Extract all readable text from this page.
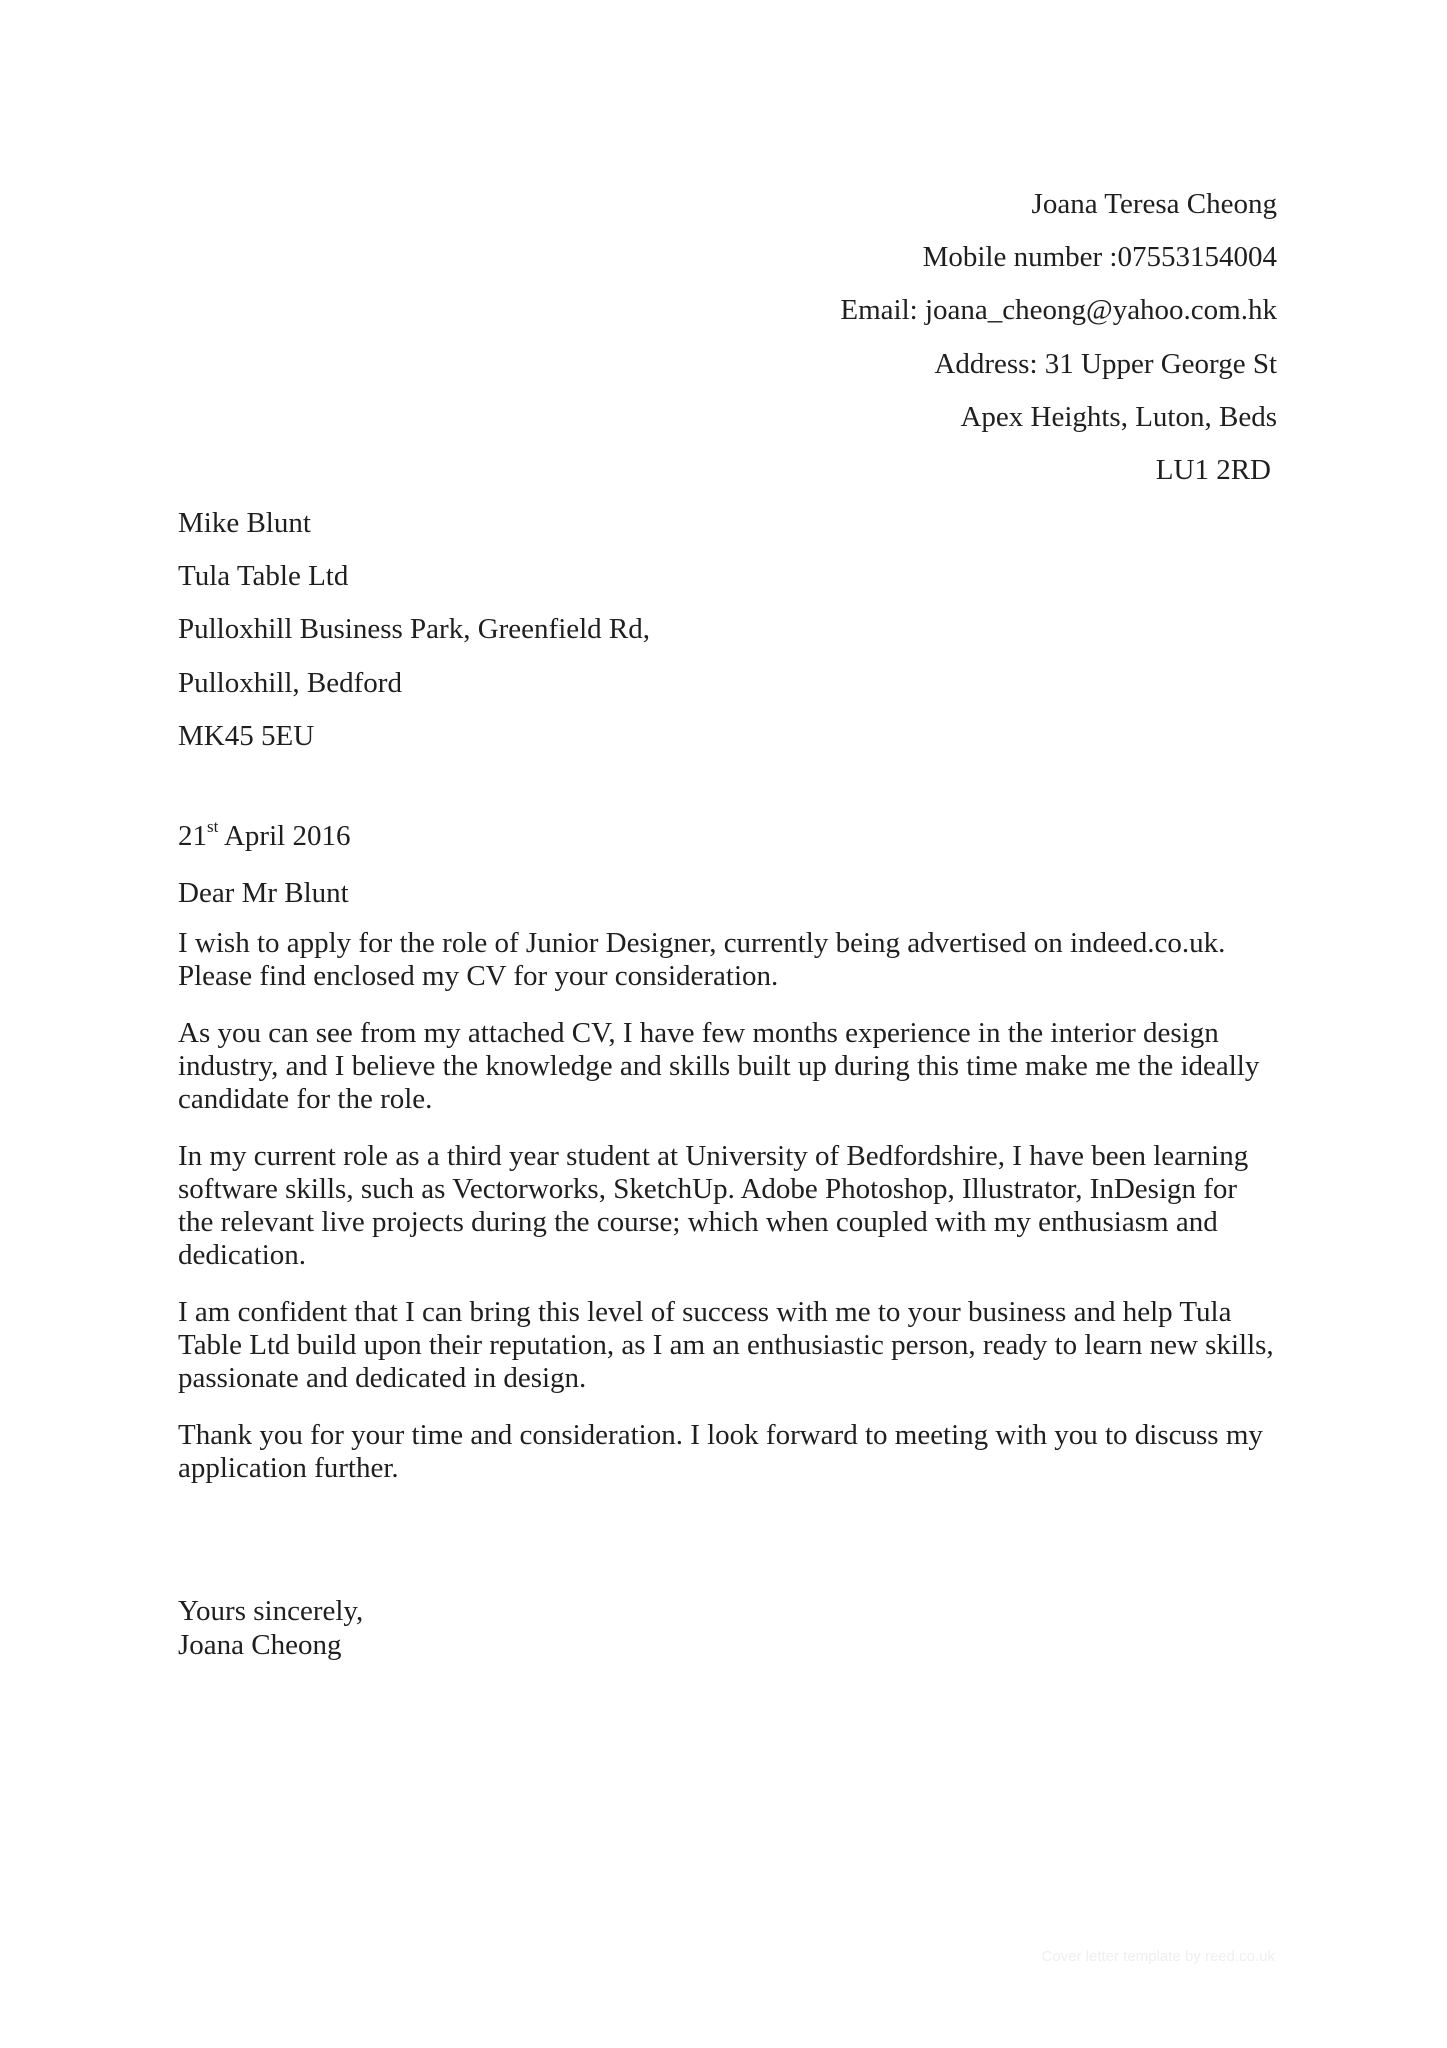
Joana Teresa Cheong
Mobile number :07553154004
Email: joana_cheong@yahoo.com.hk
Address: 31 Upper George St
Apex Heights, Luton, Beds
LU1 2RD
Mike Blunt
Tula Table Ltd
Pulloxhill Business Park, Greenfield Rd,
Pulloxhill, Bedford
MK45 5EU
21st April 2016
Dear Mr Blunt

I wish to apply for the role of Junior Designer, currently being advertised on indeed.co.uk.
Please find enclosed my CV for your consideration.

As you can see from my attached CV, I have few months experience in the interior design
industry, and I believe the knowledge and skills built up during this time make me the ideally
candidate for the role.

In my current role as a third year student at University of Bedfordshire, I have been learning
software skills, such as Vectorworks, SketchUp. Adobe Photoshop, Illustrator, InDesign for
the relevant live projects during the course; which when coupled with my enthusiasm and
dedication.

I am confident that I can bring this level of success with me to your business and help Tula
Table Ltd build upon their reputation, as I am an enthusiastic person, ready to learn new skills,
passionate and dedicated in design.

Thank you for your time and consideration. I look forward to meeting with you to discuss my
application further.

Yours sincerely,
Joana Cheong
Cover letter template by reed.co.uk
